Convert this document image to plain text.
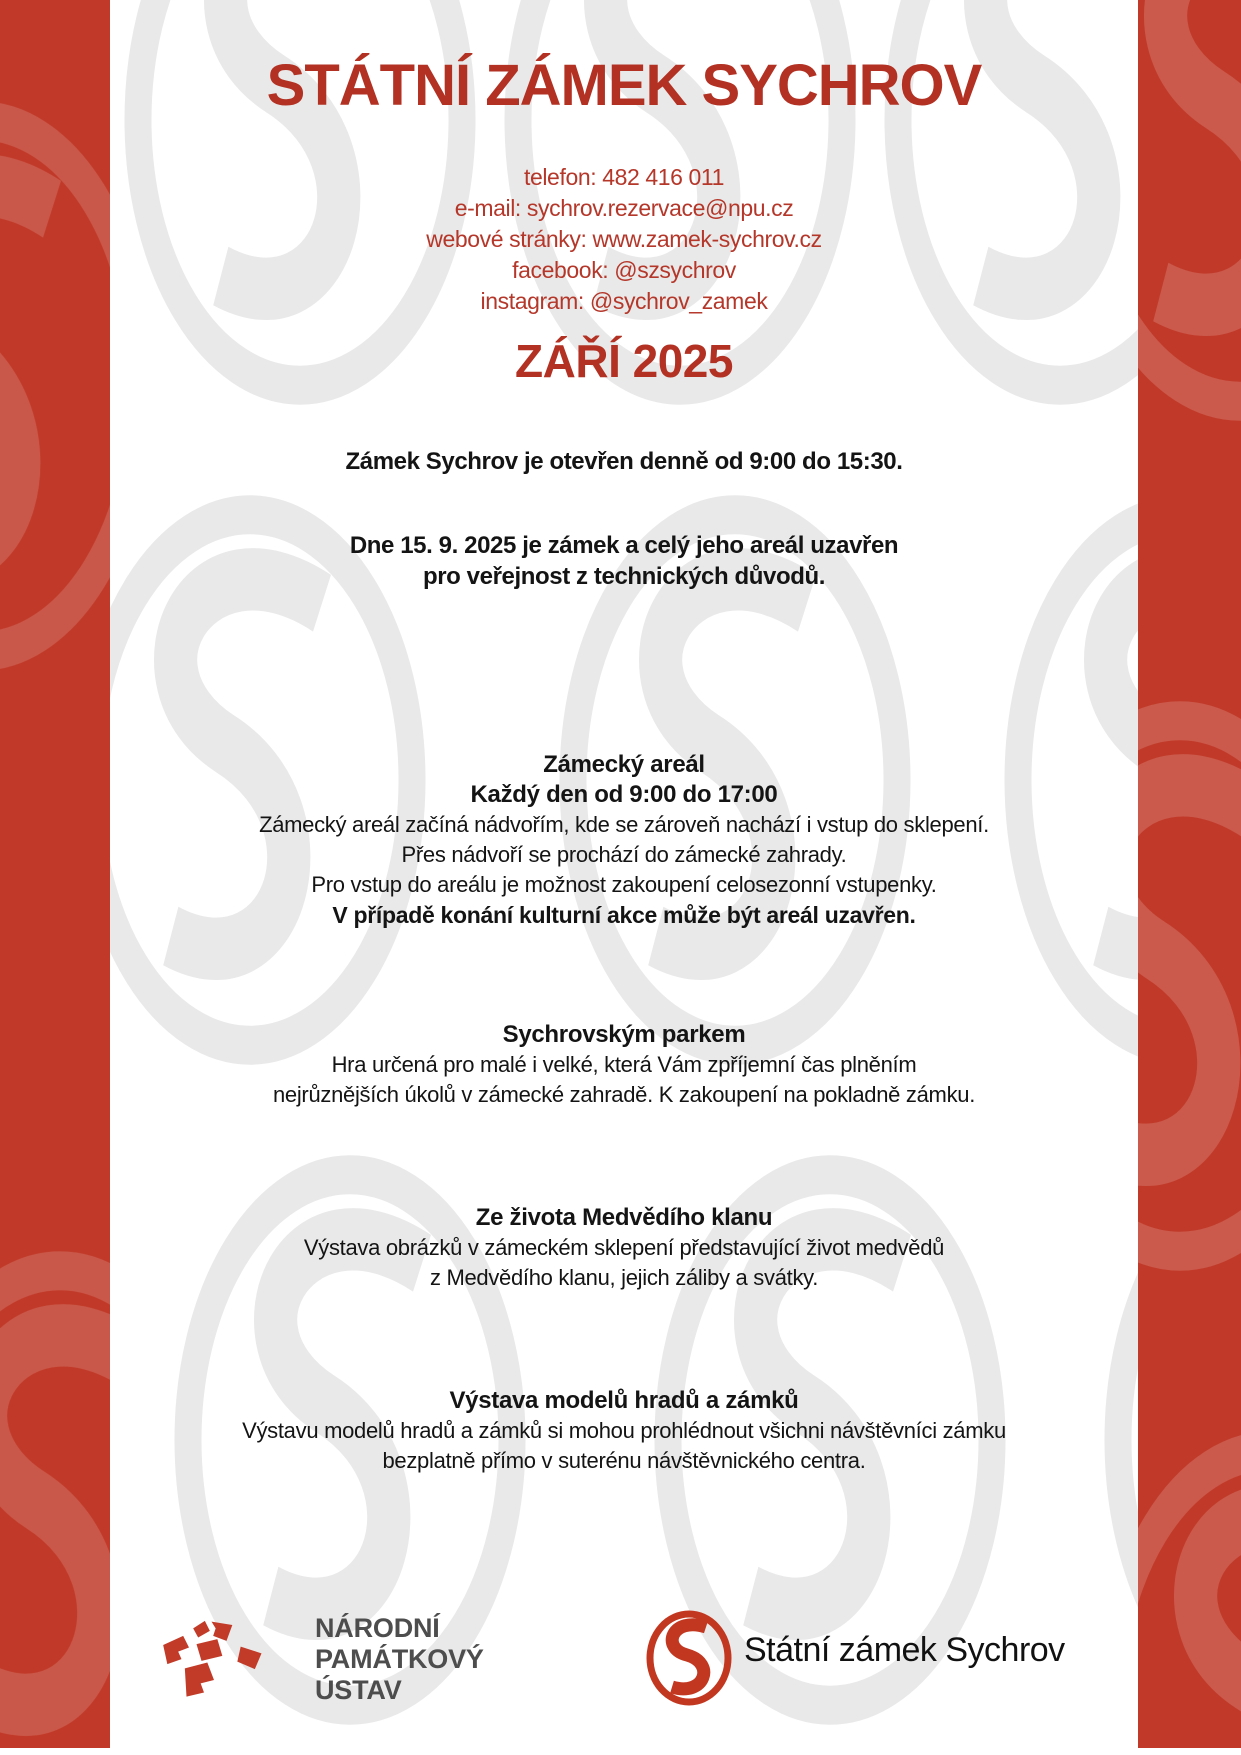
STÁTNÍ ZÁMEK SYCHROV
telefon: 482 416 011
e-mail: sychrov.rezervace@npu.cz
webové stránky: www.zamek-sychrov.cz
facebook: @szsychrov
instagram: @sychrov_zamek
ZÁŘÍ 2025
Zámek Sychrov je otevřen denně od 9:00 do 15:30.
Dne 15. 9. 2025 je zámek a celý jeho areál uzavřen
pro veřejnost z technických důvodů.
Zámecký areál
Každý den od 9:00 do 17:00
Zámecký areál začíná nádvořím, kde se zároveň nachází i vstup do sklepení.
Přes nádvoří se prochází do zámecké zahrady.
Pro vstup do areálu je možnost zakoupení celosezonní vstupenky.
V případě konání kulturní akce může být areál uzavřen.
Sychrovským parkem
Hra určená pro malé i velké, která Vám zpříjemní čas plněním
nejrůznějších úkolů v zámecké zahradě. K zakoupení na pokladně zámku.
Ze života Medvědího klanu
Výstava obrázků v zámeckém sklepení představující život medvědů
z Medvědího klanu, jejich záliby a svátky.
Výstava modelů hradů a zámků
Výstavu modelů hradů a zámků si mohou prohlédnout všichni návštěvníci zámku
bezplatně přímo v suterénu návštěvnického centra.
NÁRODNÍ
PAMÁTKOVÝ
ÚSTAV
Státní zámek Sychrov
